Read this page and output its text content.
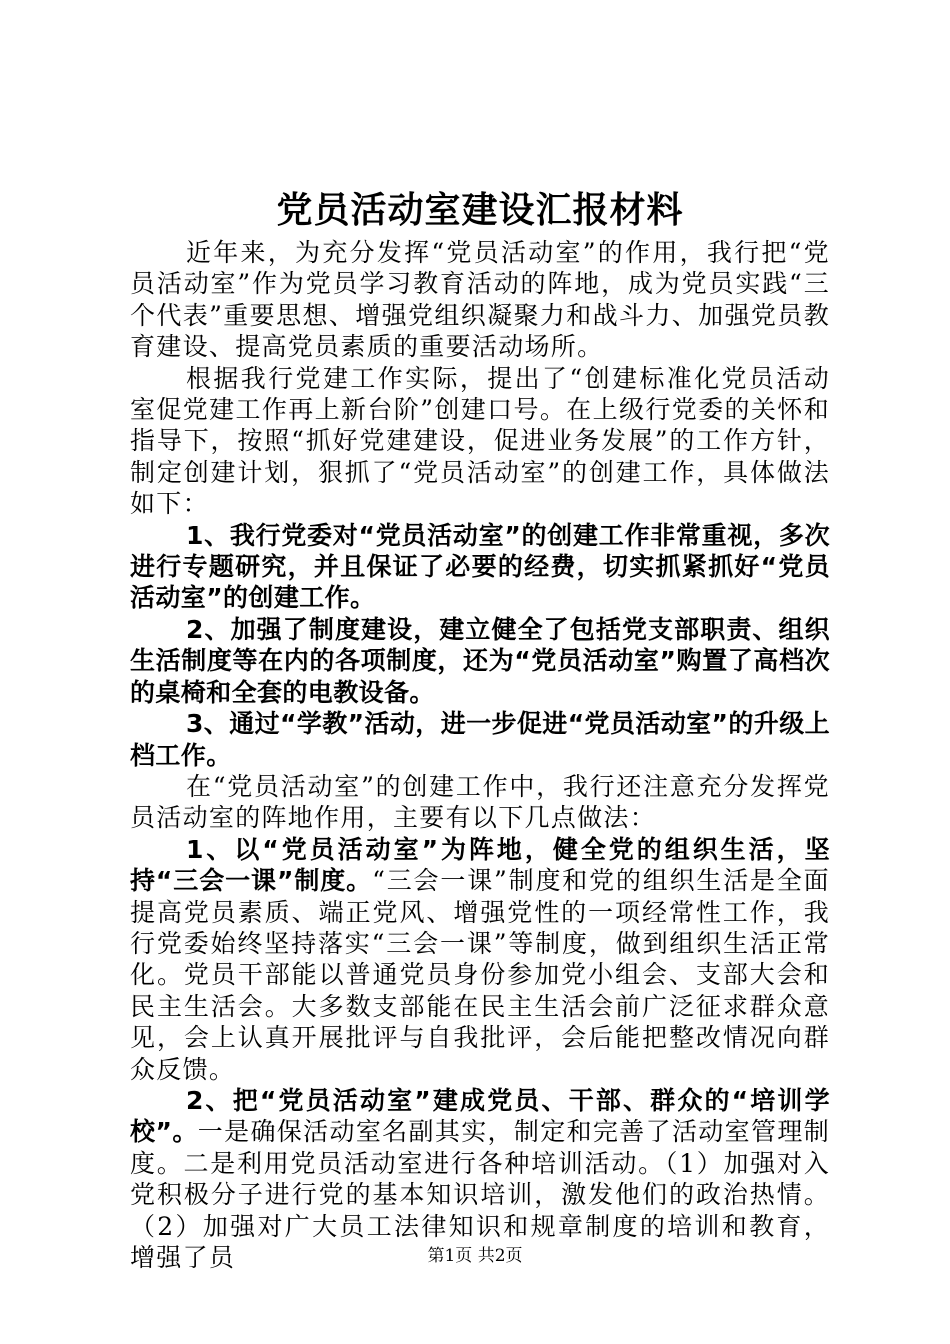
党员活动室建设汇报材料

近年来，为充分发挥“党员活动室”的作用，我行把“党员活动室”作为党员学习教育活动的阵地，成为党员实践“三个代表”重要思想、增强党组织凝聚力和战斗力、加强党员教育建设、提高党员素质的重要活动场所。

根据我行党建工作实际，提出了“创建标准化党员活动室促党建工作再上新台阶”创建口号。在上级行党委的关怀和指导下，按照“抓好党建建设，促进业务发展”的工作方针，制定创建计划，狠抓了“党员活动室”的创建工作，具体做法如下：

1、我行党委对“党员活动室”的创建工作非常重视，多次进行专题研究，并且保证了必要的经费，切实抓紧抓好“党员活动室”的创建工作。

2、加强了制度建设，建立健全了包括党支部职责、组织生活制度等在内的各项制度，还为“党员活动室”购置了高档次的桌椅和全套的电教设备。

3、通过“学教”活动，进一步促进“党员活动室”的升级上档工作。

在“党员活动室”的创建工作中，我行还注意充分发挥党员活动室的阵地作用，主要有以下几点做法：

1、以“党员活动室”为阵地，健全党的组织生活，坚持“三会一课”制度。“三会一课”制度和党的组织生活是全面提高党员素质、端正党风、增强党性的一项经常性工作，我行党委始终坚持落实“三会一课”等制度，做到组织生活正常化。党员干部能以普通党员身份参加党小组会、支部大会和民主生活会。大多数支部能在民主生活会前广泛征求群众意见，会上认真开展批评与自我批评，会后能把整改情况向群众反馈。

2、把“党员活动室”建成党员、干部、群众的“培训学校”。一是确保活动室名副其实，制定和完善了活动室管理制度。二是利用党员活动室进行各种培训活动。（1）加强对入党积极分子进行党的基本知识培训，激发他们的政治热情。（2）加强对广大员工法律知识和规章制度的培训和教育，增强了员	第1页 共2页
